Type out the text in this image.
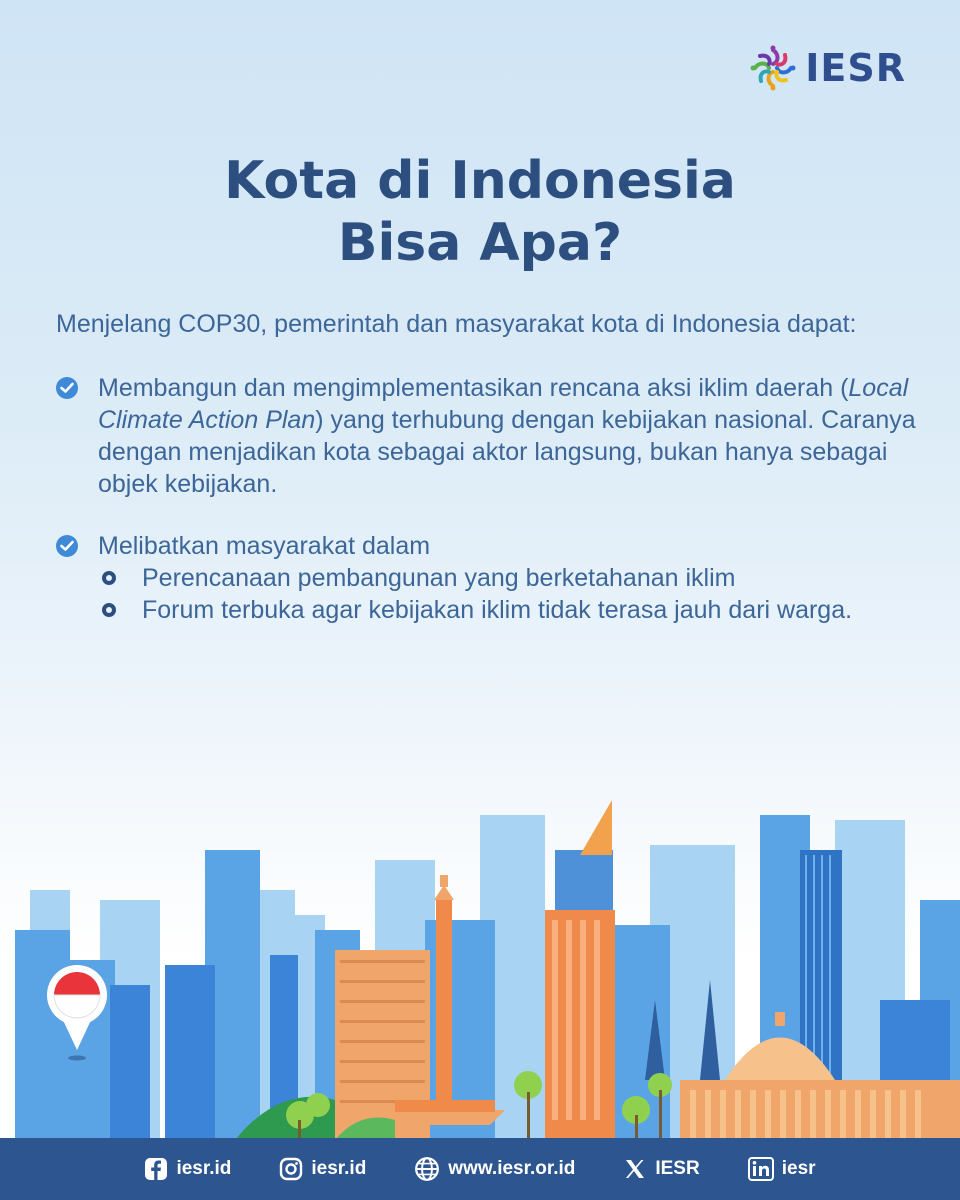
IESR
Kota di Indonesia
Bisa Apa?

Menjelang COP30, pemerintah dan masyarakat kota di Indonesia dapat:

Membangun dan mengimplementasikan rencana aksi iklim daerah (Local Climate Action Plan) yang terhubung dengan kebijakan nasional. Caranya dengan menjadikan kota sebagai aktor langsung, bukan hanya sebagai objek kebijakan.
Melibatkan masyarakat dalam
Perencanaan pembangunan yang berketahanan iklim
Forum terbuka agar kebijakan iklim tidak terasa jauh dari warga.
iesr.id	iesr.id	www.iesr.or.id	IESR	iesr
